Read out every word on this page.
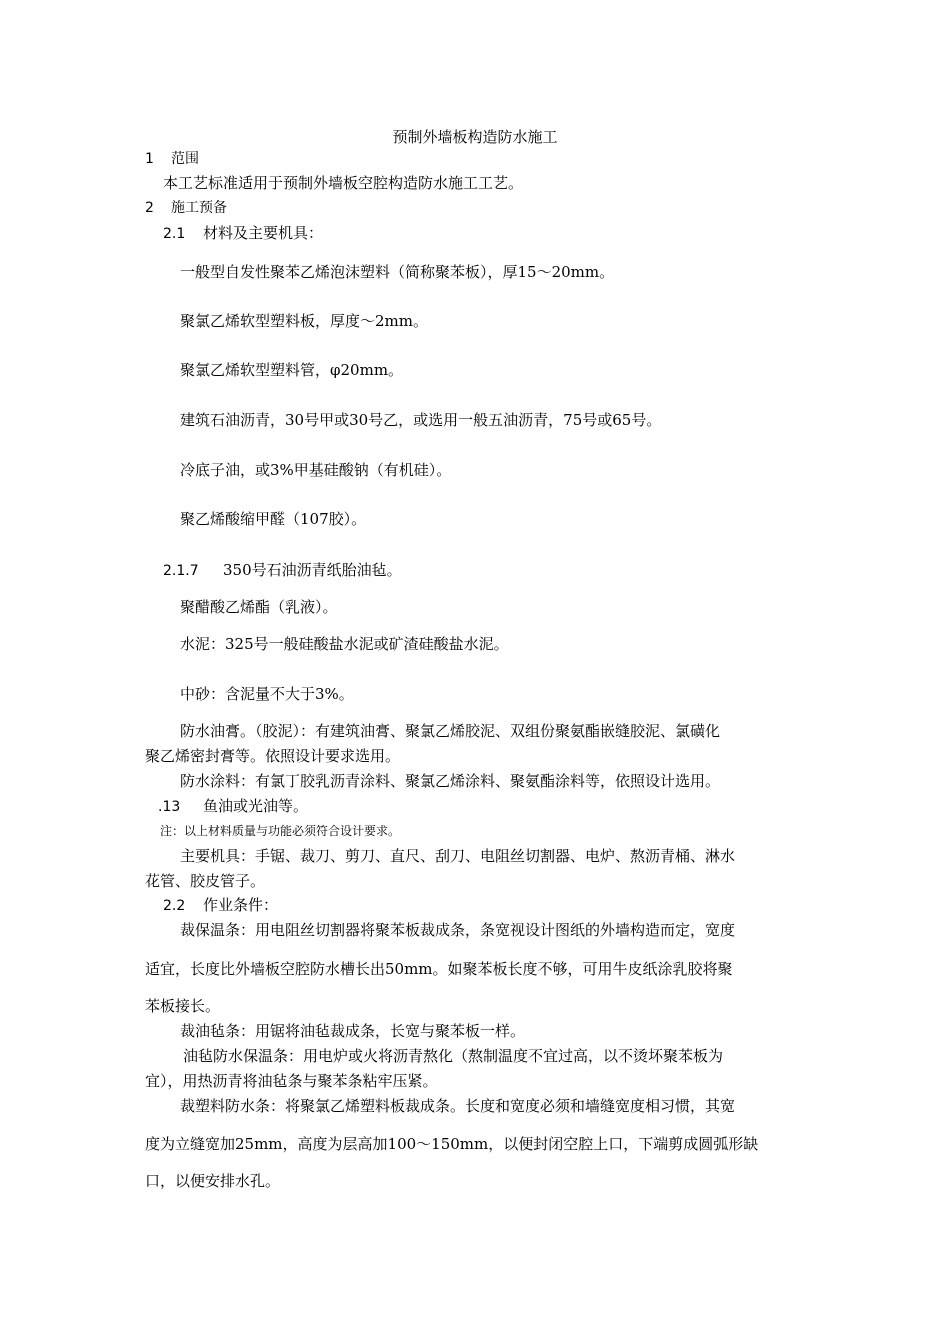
预制外墙板构造防水施工
1 范围
本工艺标准适用于预制外墙板空腔构造防水施工工艺。
2 施工预备
2.1 材料及主要机具：
一般型自发性聚苯乙烯泡沫塑料（简称聚苯板），厚15～20mm。
聚氯乙烯软型塑料板，厚度～2mm。
聚氯乙烯软型塑料管，φ20mm。
建筑石油沥青，30号甲或30号乙，或选用一般五油沥青，75号或65号。
冷底子油，或3%甲基硅酸钠（有机硅）。
聚乙烯酸缩甲醛（107胶）。
2.1.7 350号石油沥青纸胎油毡。
聚醋酸乙烯酯（乳液）。
水泥：325号一般硅酸盐水泥或矿渣硅酸盐水泥。
中砂：含泥量不大于3%。
防水油膏。（胶泥）：有建筑油膏、聚氯乙烯胶泥、双组份聚氨酯嵌缝胶泥、氯磺化
聚乙烯密封膏等。依照设计要求选用。
防水涂料：有氯丁胶乳沥青涂料、聚氯乙烯涂料、聚氨酯涂料等，依照设计选用。
.13 鱼油或光油等。
注：以上材料质量与功能必须符合设计要求。
主要机具：手锯、裁刀、剪刀、直尺、刮刀、电阻丝切割器、电炉、熬沥青桶、淋水
花管、胶皮管子。
2.2 作业条件：
裁保温条：用电阻丝切割器将聚苯板裁成条，条宽视设计图纸的外墙构造而定，宽度
适宜，长度比外墙板空腔防水槽长出50mm。如聚苯板长度不够，可用牛皮纸涂乳胶将聚
苯板接长。
裁油毡条：用锯将油毡裁成条，长宽与聚苯板一样。
油毡防水保温条：用电炉或火将沥青熬化（熬制温度不宜过高，以不烫坏聚苯板为
宜），用热沥青将油毡条与聚苯条粘牢压紧。
裁塑料防水条：将聚氯乙烯塑料板裁成条。长度和宽度必须和墙缝宽度相习惯，其宽
度为立缝宽加25mm，高度为层高加100～150mm，以便封闭空腔上口，下端剪成圆弧形缺
口，以便安排水孔。
